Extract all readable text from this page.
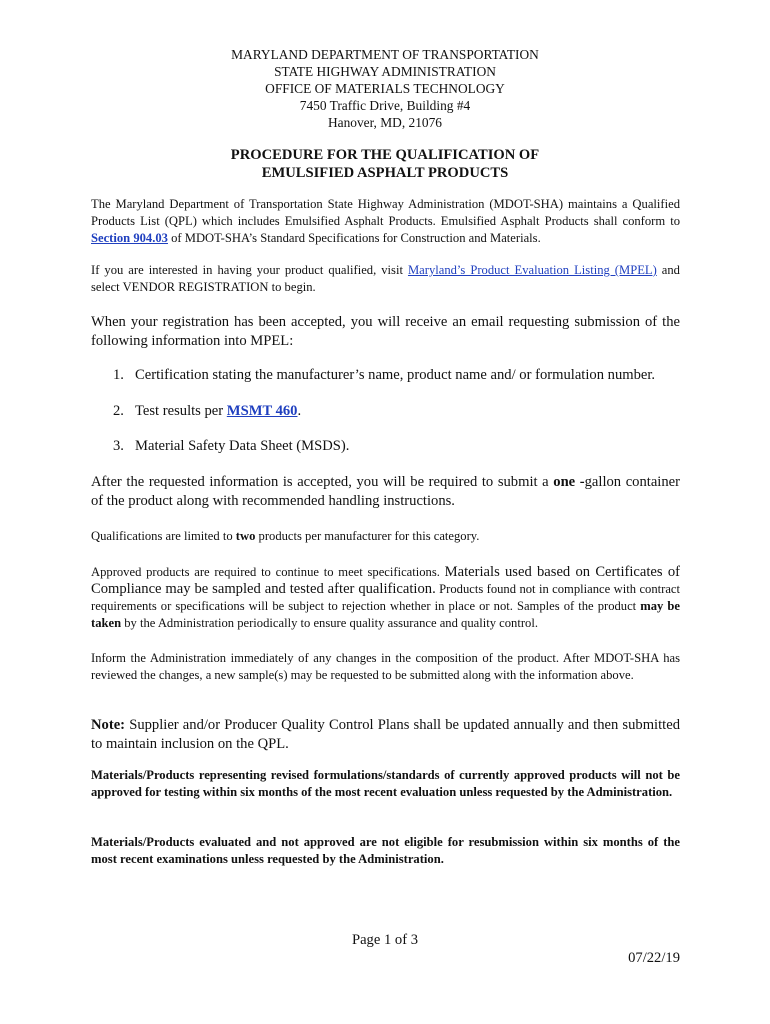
MARYLAND DEPARTMENT OF TRANSPORTATION
STATE HIGHWAY ADMINISTRATION
OFFICE OF MATERIALS TECHNOLOGY
7450 Traffic Drive, Building #4
Hanover, MD, 21076
PROCEDURE FOR THE QUALIFICATION OF
EMULSIFIED ASPHALT PRODUCTS
The Maryland Department of Transportation State Highway Administration (MDOT-SHA) maintains a Qualified Products List (QPL) which includes Emulsified Asphalt Products. Emulsified Asphalt Products shall conform to Section 904.03 of MDOT-SHA’s Standard Specifications for Construction and Materials.
If you are interested in having your product qualified, visit Maryland’s Product Evaluation Listing (MPEL) and select VENDOR REGISTRATION to begin.
When your registration has been accepted, you will receive an email requesting submission of the following information into MPEL:
1. Certification stating the manufacturer’s name, product name and/ or formulation number.
2. Test results per MSMT 460.
3. Material Safety Data Sheet (MSDS).
After the requested information is accepted, you will be required to submit a one -gallon container of the product along with recommended handling instructions.
Qualifications are limited to two products per manufacturer for this category.
Approved products are required to continue to meet specifications. Materials used based on Certificates of Compliance may be sampled and tested after qualification. Products found not in compliance with contract requirements or specifications will be subject to rejection whether in place or not. Samples of the product may be taken by the Administration periodically to ensure quality assurance and quality control.
Inform the Administration immediately of any changes in the composition of the product. After MDOT-SHA has reviewed the changes, a new sample(s) may be requested to be submitted along with the information above.
Note: Supplier and/or Producer Quality Control Plans shall be updated annually and then submitted to maintain inclusion on the QPL.
Materials/Products representing revised formulations/standards of currently approved products will not be approved for testing within six months of the most recent evaluation unless requested by the Administration.
Materials/Products evaluated and not approved are not eligible for resubmission within six months of the most recent examinations unless requested by the Administration.
Page 1 of 3
07/22/19
